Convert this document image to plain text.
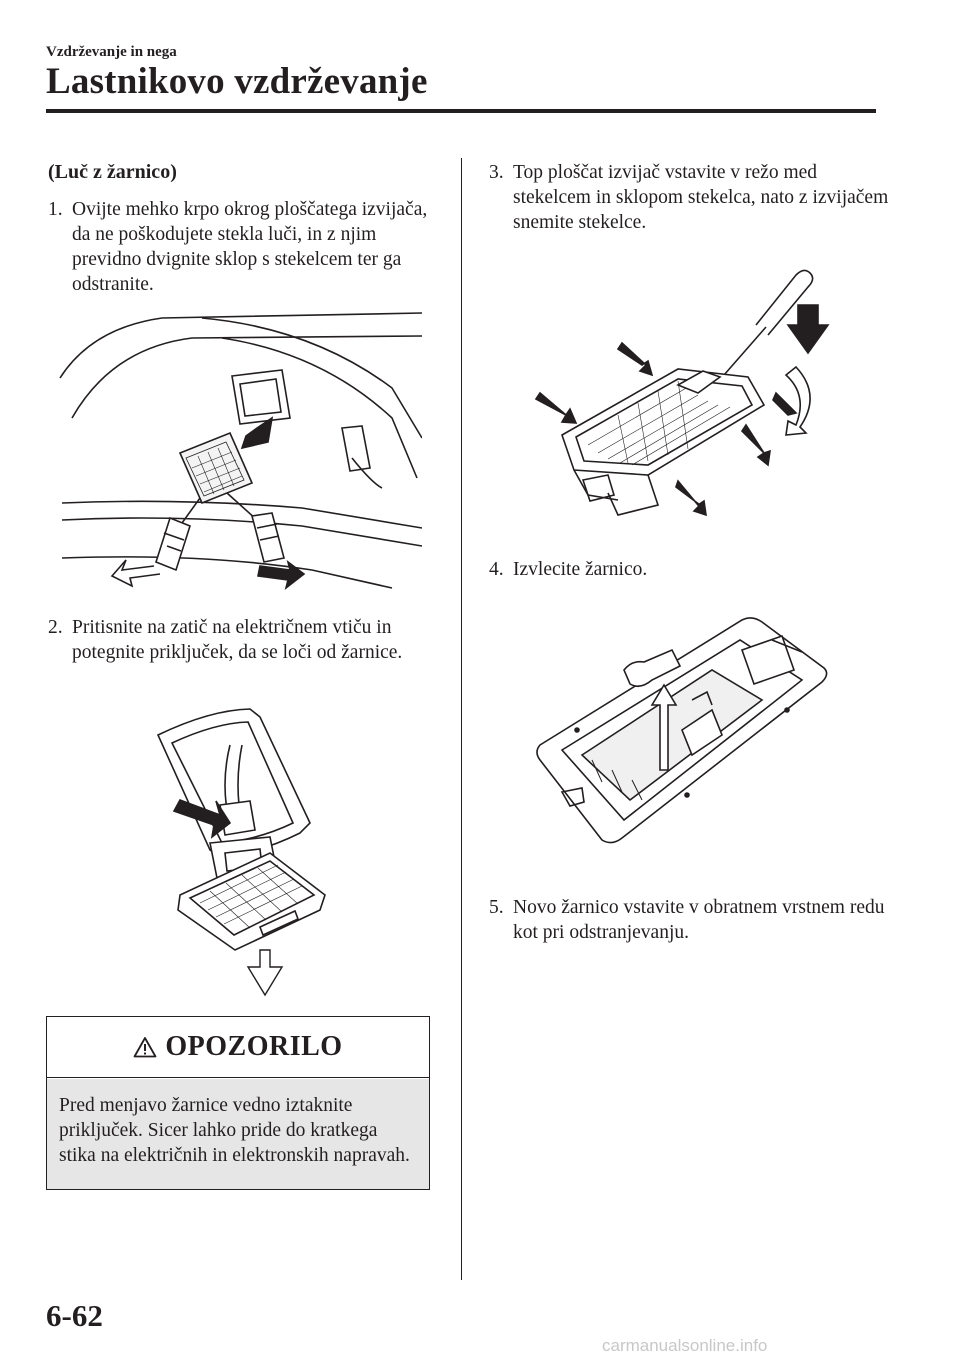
Vzdrževanje in nega
Lastnikovo vzdrževanje
(Luč z žarnico)
1. Ovijte mehko krpo okrog ploščatega izvijača, da ne poškodujete stekla luči, in z njim previdno dvignite sklop s stekelcem ter ga odstranite.
2. Pritisnite na zatič na električnem vtiču in potegnite priključek, da se loči od žarnice.
OPOZORILO
Pred menjavo žarnice vedno iztaknite priključek. Sicer lahko pride do kratkega stika na električnih in elektronskih napravah.
3. Top ploščat izvijač vstavite v režo med stekelcem in sklopom stekelca, nato z izvijačem snemite stekelce.
4. Izvlecite žarnico.
5. Novo žarnico vstavite v obratnem vrstnem redu kot pri odstranjevanju.
6-62
carmanualsonline.info
